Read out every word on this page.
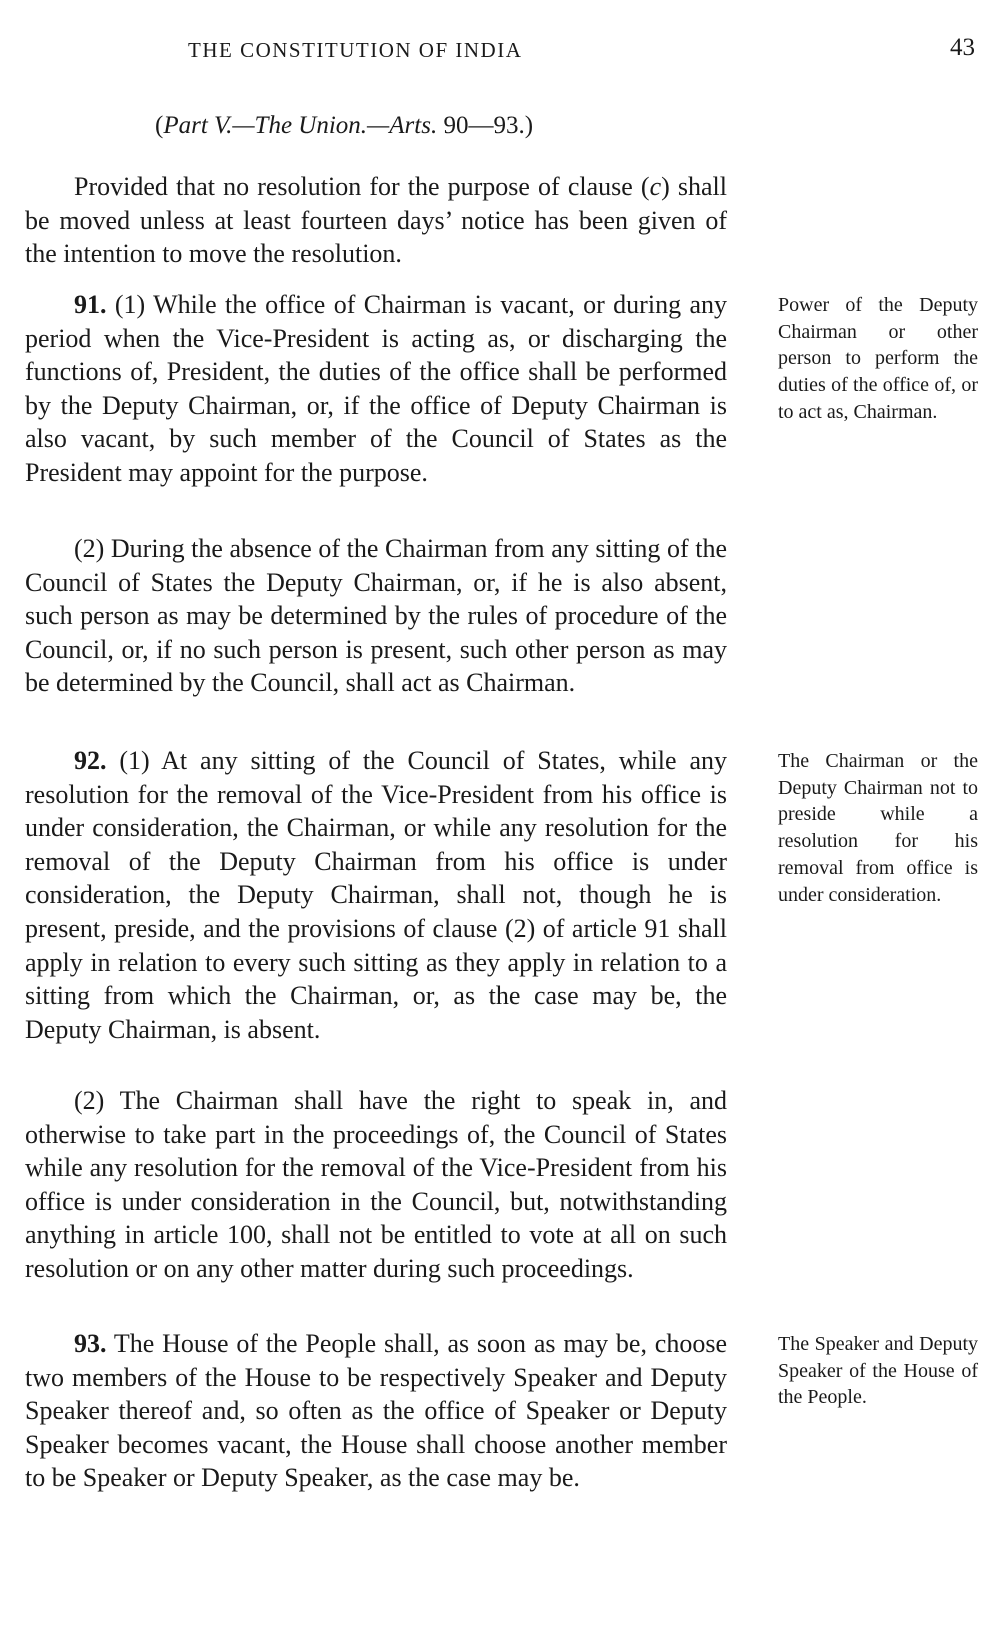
THE CONSTITUTION OF INDIA	43
(Part V.—The Union.—Arts. 90—93.)

Provided that no resolution for the purpose of clause (c) shall be moved unless at least fourteen days’ notice has been given of the intention to move the resolution.

91. (1) While the office of Chairman is vacant, or during any period when the Vice-President is acting as, or discharging the functions of, President, the duties of the office shall be performed by the Deputy Chairman, or, if the office of Deputy Chairman is also vacant, by such member of the Council of States as the President may appoint for the purpose.

Power of the Deputy Chairman or other person to perform the duties of the office of, or to act as, Chairman.

(2) During the absence of the Chairman from any sitting of the Council of States the Deputy Chairman, or, if he is also absent, such person as may be determined by the rules of procedure of the Council, or, if no such person is present, such other person as may be determined by the Council, shall act as Chairman.

92. (1) At any sitting of the Council of States, while any resolution for the removal of the Vice-President from his office is under consideration, the Chairman, or while any resolution for the removal of the Deputy Chairman from his office is under consideration, the Deputy Chairman, shall not, though he is present, preside, and the provisions of clause (2) of article 91 shall apply in relation to every such sitting as they apply in relation to a sitting from which the Chairman, or, as the case may be, the Deputy Chairman, is absent.

The Chairman or the Deputy Chairman not to preside while a resolution for his removal from office is under consideration.

(2) The Chairman shall have the right to speak in, and otherwise to take part in the proceedings of, the Council of States while any resolution for the removal of the Vice-President from his office is under consideration in the Council, but, notwithstanding anything in article 100, shall not be entitled to vote at all on such resolution or on any other matter during such proceedings.

93. The House of the People shall, as soon as may be, choose two members of the House to be respectively Speaker and Deputy Speaker thereof and, so often as the office of Speaker or Deputy Speaker becomes vacant, the House shall choose another member to be Speaker or Deputy Speaker, as the case may be.

The Speaker and Deputy Speaker of the House of the People.
